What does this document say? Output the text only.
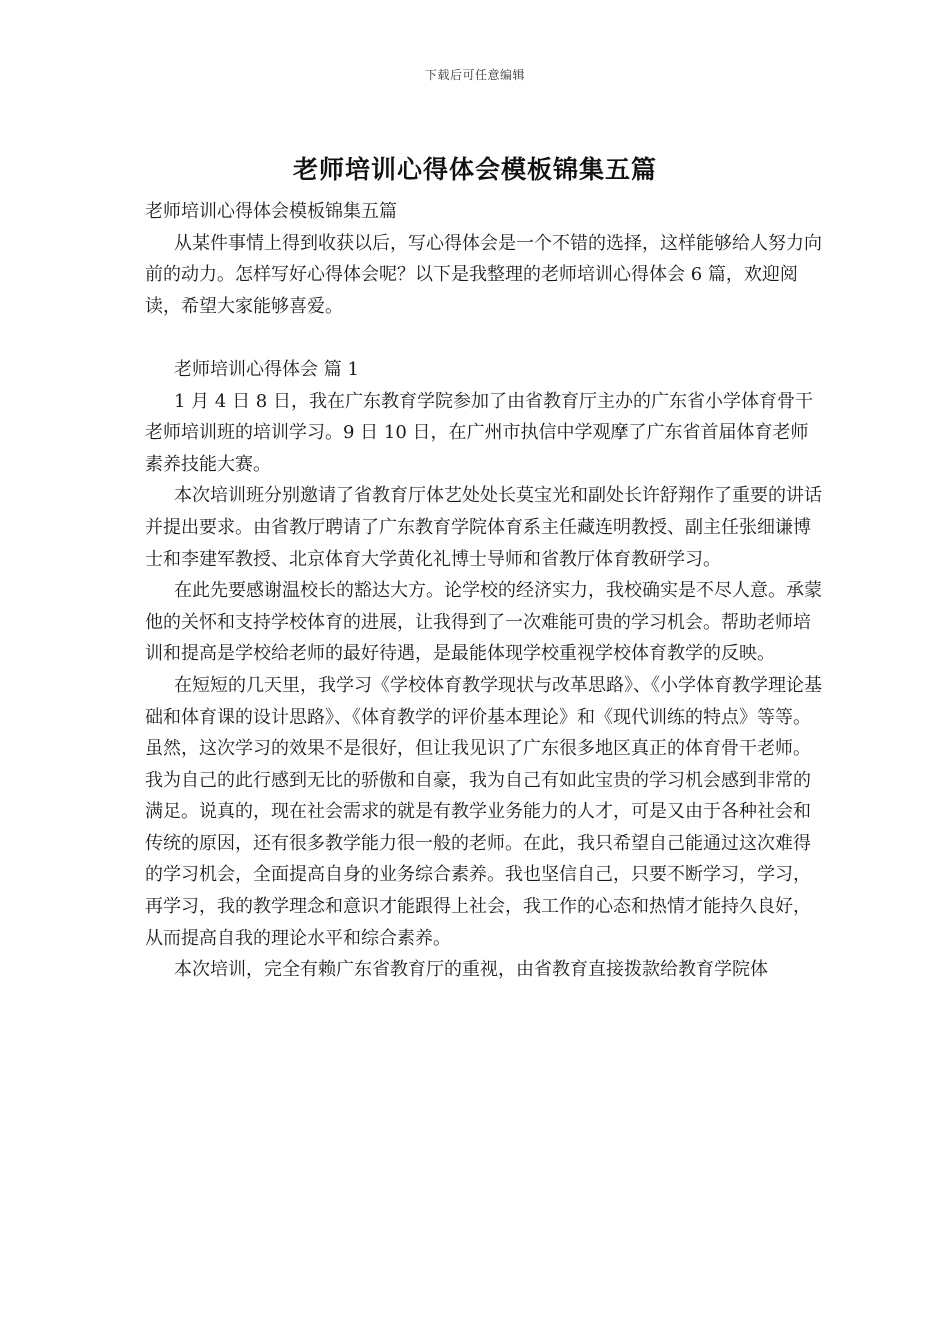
下载后可任意编辑
老师培训心得体会模板锦集五篇

老师培训心得体会模板锦集五篇

从某件事情上得到收获以后，写心得体会是一个不错的选择，这样能够给人努力向前的动力。怎样写好心得体会呢？以下是我整理的老师培训心得体会 6 篇，欢迎阅读，希望大家能够喜爱。

老师培训心得体会 篇 1

1 月 4 日 8 日，我在广东教育学院参加了由省教育厅主办的广东省小学体育骨干老师培训班的培训学习。9 日 10 日，在广州市执信中学观摩了广东省首届体育老师素养技能大赛。

本次培训班分别邀请了省教育厅体艺处处长莫宝光和副处长许舒翔作了重要的讲话并提出要求。由省教厅聘请了广东教育学院体育系主任藏连明教授、副主任张细谦博士和李建军教授、北京体育大学黄化礼博士导师和省教厅体育教研学习。

在此先要感谢温校长的豁达大方。论学校的经济实力，我校确实是不尽人意。承蒙他的关怀和支持学校体育的进展，让我得到了一次难能可贵的学习机会。帮助老师培训和提高是学校给老师的最好待遇，是最能体现学校重视学校体育教学的反映。

在短短的几天里，我学习《学校体育教学现状与改革思路》、《小学体育教学理论基础和体育课的设计思路》、《体育教学的评价基本理论》和《现代训练的特点》等等。虽然，这次学习的效果不是很好，但让我见识了广东很多地区真正的体育骨干老师。我为自己的此行感到无比的骄傲和自豪，我为自己有如此宝贵的学习机会感到非常的满足。说真的，现在社会需求的就是有教学业务能力的人才，可是又由于各种社会和传统的原因，还有很多教学能力很一般的老师。在此，我只希望自己能通过这次难得的学习机会，全面提高自身的业务综合素养。我也坚信自己，只要不断学习，学习，再学习，我的教学理念和意识才能跟得上社会，我工作的心态和热情才能持久良好，从而提高自我的理论水平和综合素养。

本次培训，完全有赖广东省教育厅的重视，由省教育直接拨款给教育学院体
